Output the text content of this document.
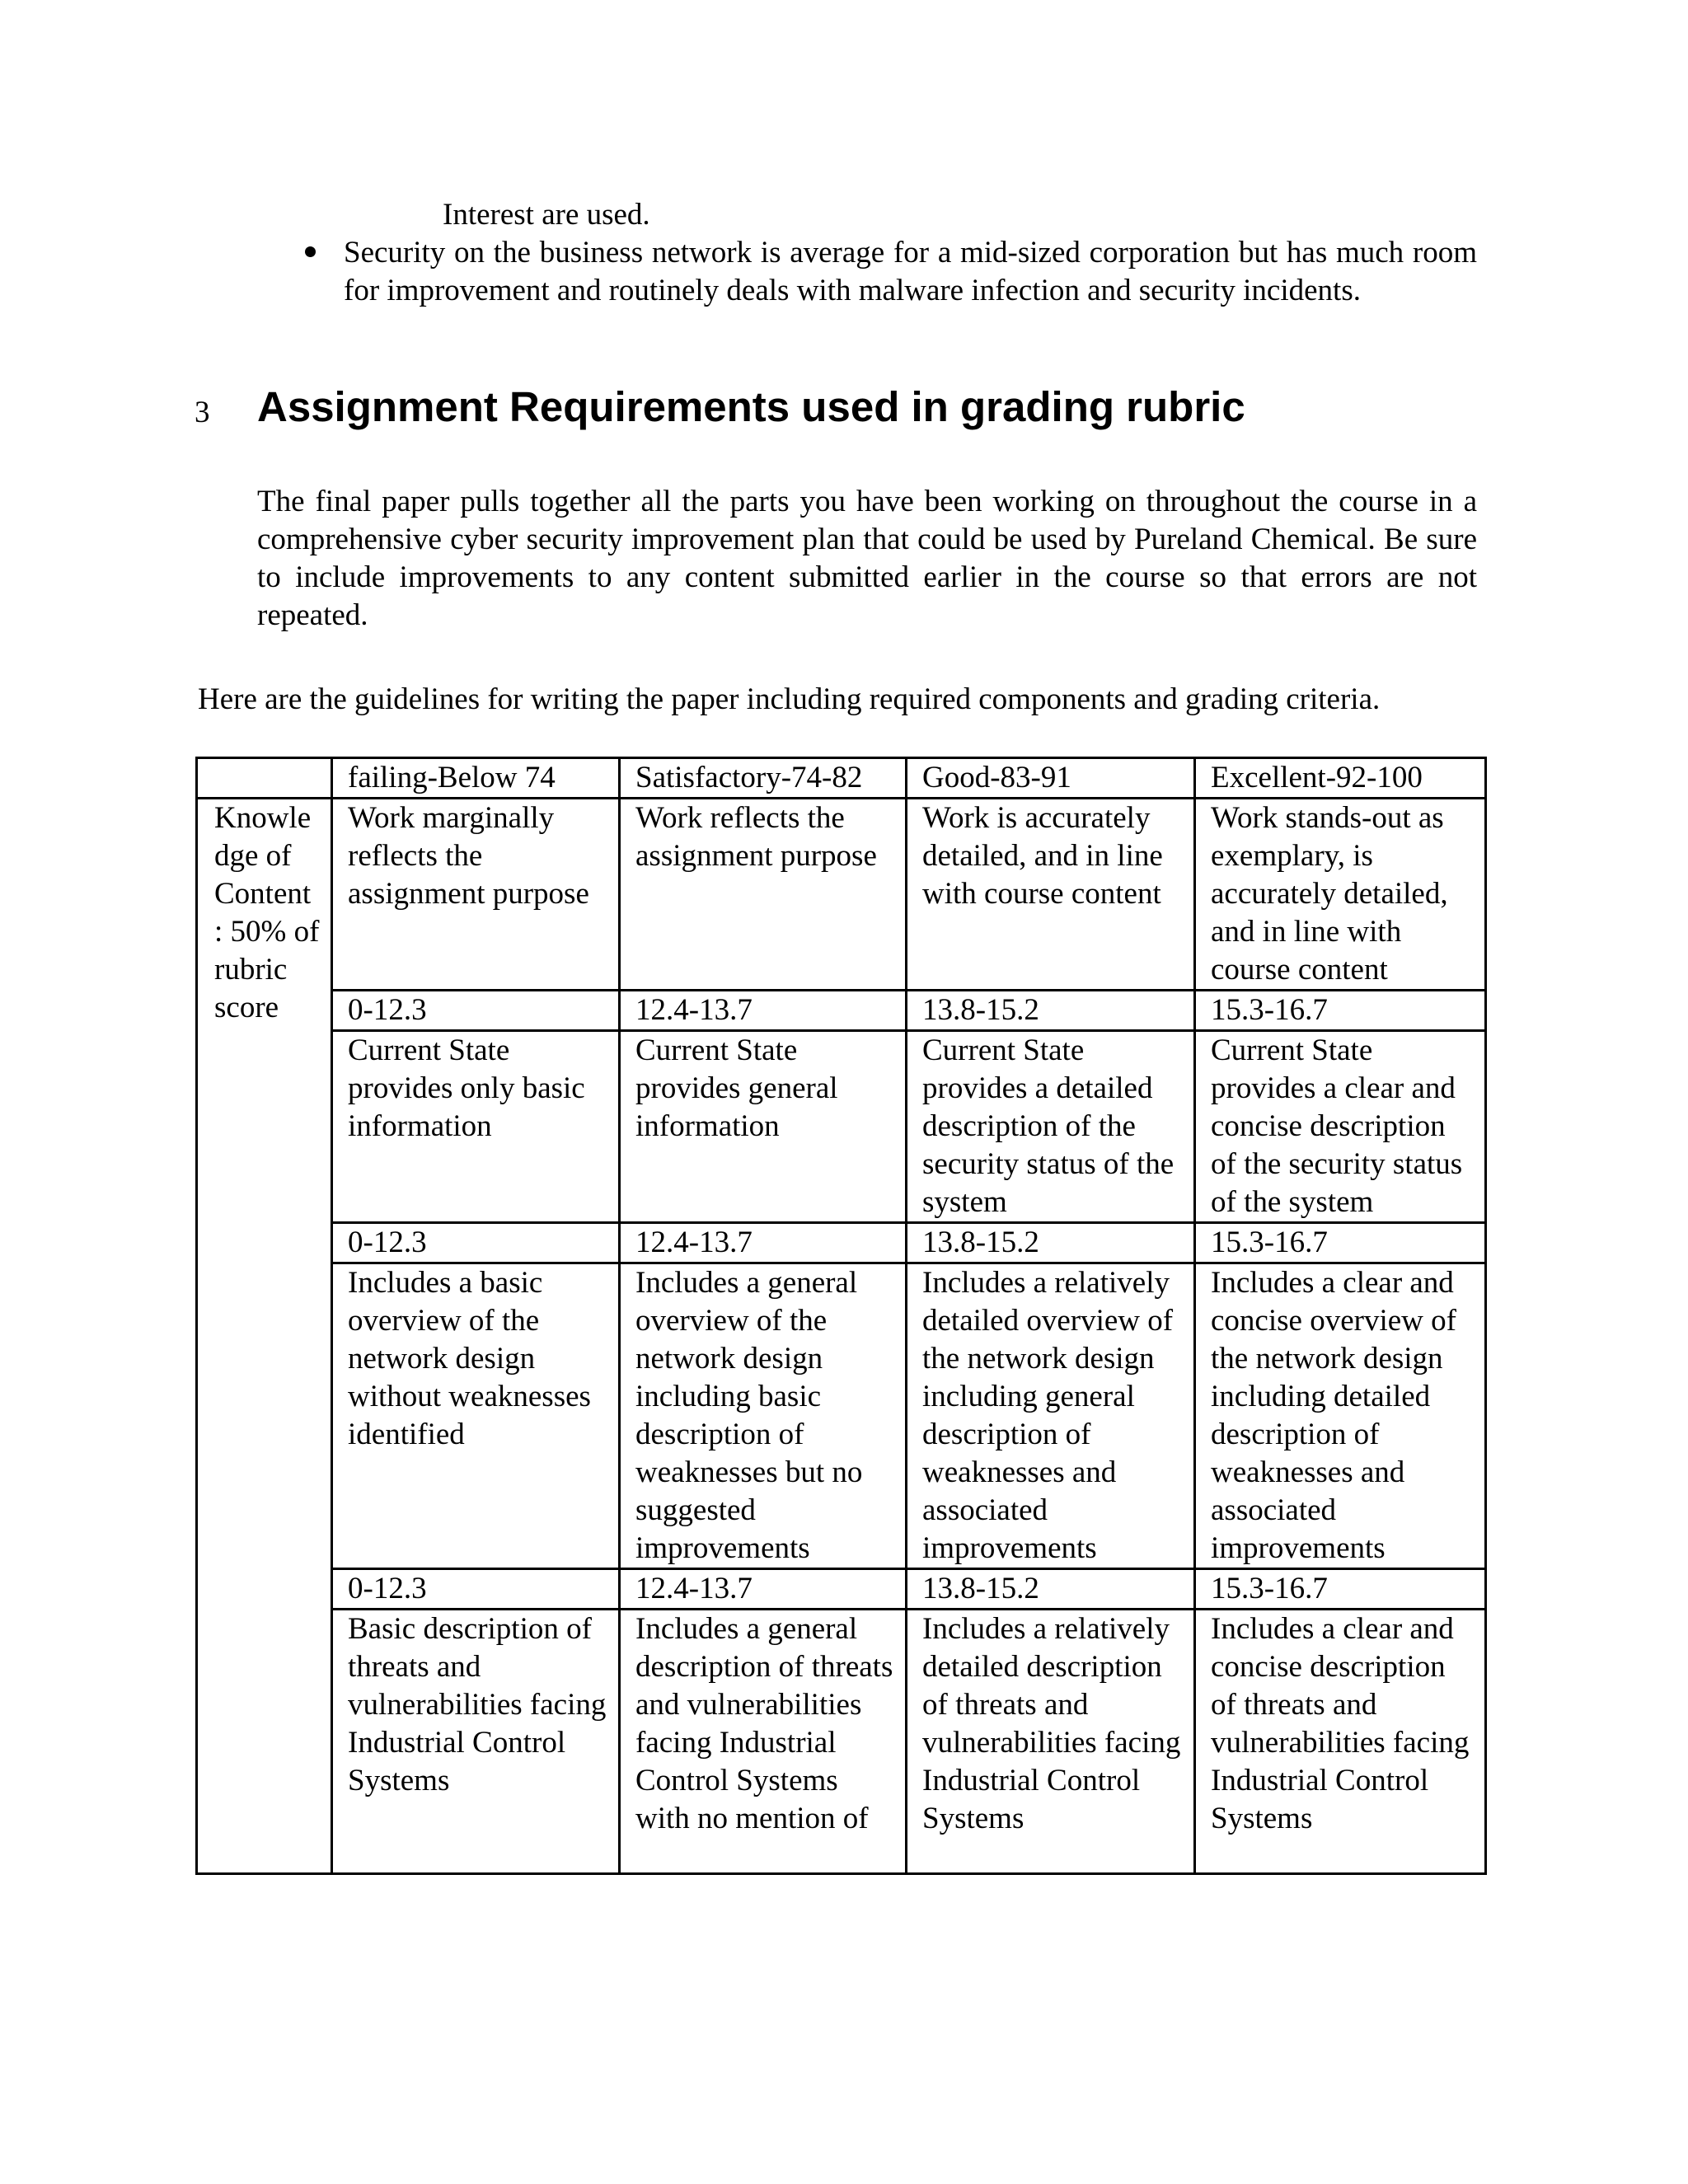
Interest are used.
Security on the business network is average for a mid-sized corporation but has much room for improvement and routinely deals with malware infection and security incidents.
3 Assignment Requirements used in grading rubric
The final paper pulls together all the parts you have been working on throughout the course in a comprehensive cyber security improvement plan that could be used by Pureland Chemical. Be sure to include improvements to any content submitted earlier in the course so that errors are not repeated.
Here are the guidelines for writing the paper including required components and grading criteria.
	failing-Below 74	Satisfactory-74-82	Good-83-91	Excellent-92-100

Knowle dge of Content : 50% of rubric score	Work marginally reflects the assignment purpose	Work reflects the assignment purpose	Work is accurately detailed, and in line with course content	Work stands-out as exemplary, is accurately detailed, and in line with course content
	0-12.3	12.4-13.7	13.8-15.2	15.3-16.7
	Current State provides only basic information	Current State provides general information	Current State provides a detailed description of the security status of the system	Current State provides a clear and concise description of the security status of the system
	0-12.3	12.4-13.7	13.8-15.2	15.3-16.7
	Includes a basic overview of the network design without weaknesses identified	Includes a general overview of the network design including basic description of weaknesses but no suggested improvements	Includes a relatively detailed overview of the network design including general description of weaknesses and associated improvements	Includes a clear and concise overview of the network design including detailed description of weaknesses and associated improvements
	0-12.3	12.4-13.7	13.8-15.2	15.3-16.7
	Basic description of threats and vulnerabilities facing Industrial Control Systems	Includes a general description of threats and vulnerabilities facing Industrial Control Systems with no mention of	Includes a relatively detailed description of threats and vulnerabilities facing Industrial Control Systems	Includes a clear and concise description of threats and vulnerabilities facing Industrial Control Systems
